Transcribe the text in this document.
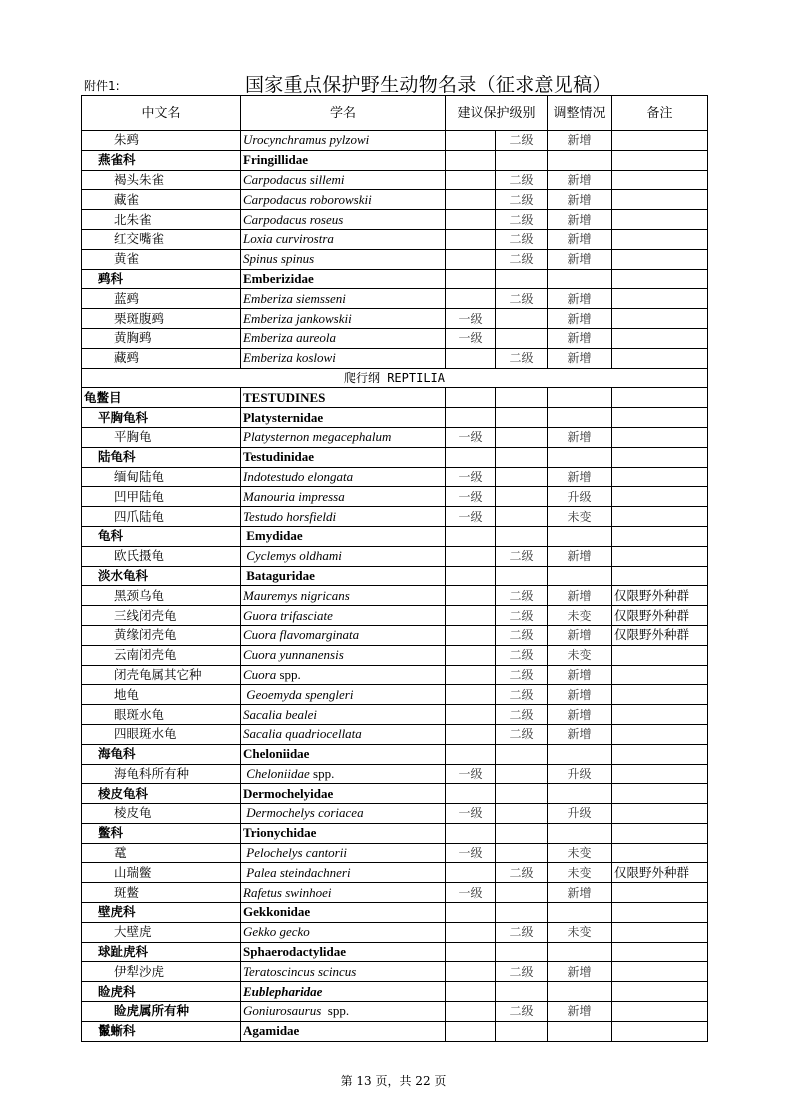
附件1:	国家重点保护野生动物名录（征求意见稿）
中文名	学名	建议保护级别		调整情况	备注
朱鹀	Urocynchramus pylzowi		二级	新增	
燕雀科	Fringillidae				
褐头朱雀	Carpodacus sillemi		二级	新增	
藏雀	Carpodacus roborowskii		二级	新增	
北朱雀	Carpodacus roseus		二级	新增	
红交嘴雀	Loxia curvirostra		二级	新增	
黄雀	Spinus spinus		二级	新增	
鹀科	Emberizidae				
蓝鹀	Emberiza siemsseni		二级	新增	
栗斑腹鹀	Emberiza jankowskii	一级		新增	
黄胸鹀	Emberiza aureola	一级		新增	
藏鹀	Emberiza koslowi		二级	新增	
爬行纲 REPTILIA					
龟鳖目	TESTUDINES				
平胸龟科	Platysternidae				
平胸龟	Platysternon megacephalum	一级		新增	
陆龟科	Testudinidae				
缅甸陆龟	Indotestudo elongata	一级		新增	
凹甲陆龟	Manouria impressa	一级		升级	
四爪陆龟	Testudo horsfieldi	一级		未变	
龟科	Emydidae				
欧氏摄龟	Cyclemys oldhami		二级	新增	
淡水龟科	Bataguridae				
黑颈乌龟	Mauremys nigricans		二级	新增	仅限野外种群
三线闭壳龟	Guora trifasciate		二级	未变	仅限野外种群
黄缘闭壳龟	Cuora flavomarginata		二级	新增	仅限野外种群
云南闭壳龟	Cuora yunnanensis		二级	未变	
闭壳龟属其它种	Cuora spp.		二级	新增	
地龟	Geoemyda spengleri		二级	新增	
眼斑水龟	Sacalia bealei		二级	新增	
四眼斑水龟	Sacalia quadriocellata		二级	新增	
海龟科	Cheloniidae				
海龟科所有种	Cheloniidae spp.	一级		升级	
棱皮龟科	Dermochelyidae				
棱皮龟	Dermochelys coriacea	一级		升级	
鳖科	Trionychidae				
鼋	Pelochelys cantorii	一级		未变	
山瑞鳖	Palea steindachneri		二级	未变	仅限野外种群
斑鳖	Rafetus swinhoei	一级		新增	
壁虎科	Gekkonidae				
大壁虎	Gekko gecko		二级	未变	
球趾虎科	Sphaerodactylidae				
伊犁沙虎	Teratoscincus scincus		二级	新增	
睑虎科	Eublepharidae				
睑虎属所有种	Goniurosaurus  spp.		二级	新增	
鬣蜥科	Agamidae				
第 13 页，共 22 页
